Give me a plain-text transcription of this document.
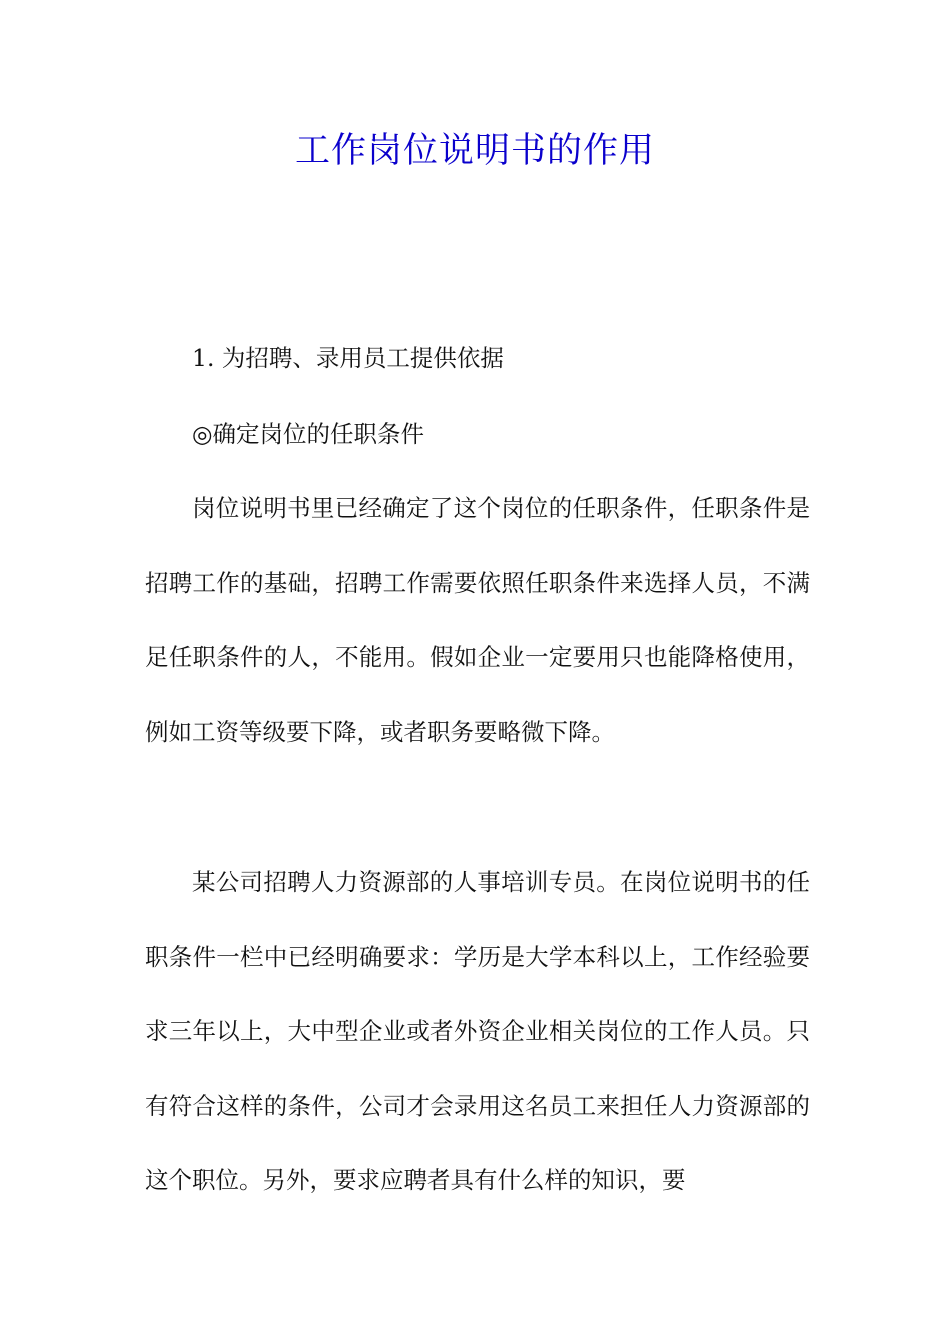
工作岗位说明书的作用

1. 为招聘、录用员工提供依据

◎确定岗位的任职条件

岗位说明书里已经确定了这个岗位的任职条件，任职条件是招聘工作的基础，招聘工作需要依照任职条件来选择人员，不满足任职条件的人，不能用。假如企业一定要用只也能降格使用，例如工资等级要下降，或者职务要略微下降。

某公司招聘人力资源部的人事培训专员。在岗位说明书的任职条件一栏中已经明确要求：学历是大学本科以上，工作经验要求三年以上，大中型企业或者外资企业相关岗位的工作人员。只有符合这样的条件，公司才会录用这名员工来担任人力资源部的这个职位。另外，要求应聘者具有什么样的知识，要
